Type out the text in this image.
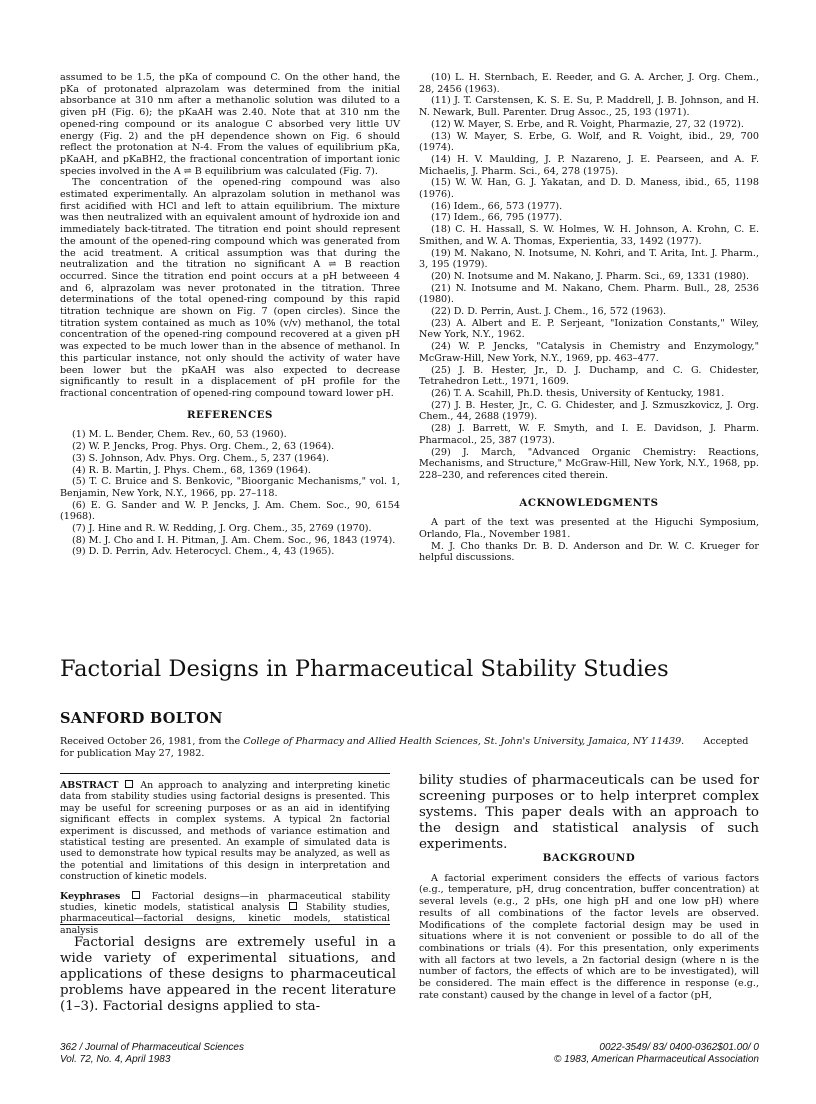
assumed to be 1.5, the pKa of compound C. On the other hand, the pKa of protonated alprazolam was determined from the initial absorbance at 310 nm after a methanolic solution was diluted to a given pH (Fig. 6); the pKaAH was 2.40. Note that at 310 nm the opened-ring compound or its analogue C absorbed very little UV energy (Fig. 2) and the pH dependence shown on Fig. 6 should reflect the protonation at N-4. From the values of equilibrium pKa, pKaAH, and pKaBH2, the fractional concentration of important ionic species involved in the A ⇌ B equilibrium was calculated (Fig. 7).

The concentration of the opened-ring compound was also estimated experimentally. An alprazolam solution in methanol was first acidified with HCl and left to attain equilibrium. The mixture was then neutralized with an equivalent amount of hydroxide ion and immediately back-titrated. The titration end point should represent the amount of the opened-ring compound which was generated from the acid treatment. A critical assumption was that during the neutralization and the titration no significant A ⇌ B reaction occurred. Since the titration end point occurs at a pH betweeen 4 and 6, alprazolam was never protonated in the titration. Three determinations of the total opened-ring compound by this rapid titration technique are shown on Fig. 7 (open circles). Since the titration system contained as much as 10% (v/v) methanol, the total concentration of the opened-ring compound recovered at a given pH was expected to be much lower than in the absence of methanol. In this particular instance, not only should the activity of water have been lower but the pKaAH was also expected to decrease significantly to result in a displacement of pH profile for the fractional concentration of opened-ring compound toward lower pH.

REFERENCES

(1) M. L. Bender, Chem. Rev., 60, 53 (1960).

(2) W. P. Jencks, Prog. Phys. Org. Chem., 2, 63 (1964).

(3) S. Johnson, Adv. Phys. Org. Chem., 5, 237 (1964).

(4) R. B. Martin, J. Phys. Chem., 68, 1369 (1964).

(5) T. C. Bruice and S. Benkovic, "Bioorganic Mechanisms," vol. 1, Benjamin, New York, N.Y., 1966, pp. 27–118.

(6) E. G. Sander and W. P. Jencks, J. Am. Chem. Soc., 90, 6154 (1968).

(7) J. Hine and R. W. Redding, J. Org. Chem., 35, 2769 (1970).

(8) M. J. Cho and I. H. Pitman, J. Am. Chem. Soc., 96, 1843 (1974).

(9) D. D. Perrin, Adv. Heterocycl. Chem., 4, 43 (1965).

(10) L. H. Sternbach, E. Reeder, and G. A. Archer, J. Org. Chem., 28, 2456 (1963).

(11) J. T. Carstensen, K. S. E. Su, P. Maddrell, J. B. Johnson, and H. N. Newark, Bull. Parenter. Drug Assoc., 25, 193 (1971).

(12) W. Mayer, S. Erbe, and R. Voight, Pharmazie, 27, 32 (1972).

(13) W. Mayer, S. Erbe, G. Wolf, and R. Voight, ibid., 29, 700 (1974).

(14) H. V. Maulding, J. P. Nazareno, J. E. Pearseen, and A. F. Michaelis, J. Pharm. Sci., 64, 278 (1975).

(15) W. W. Han, G. J. Yakatan, and D. D. Maness, ibid., 65, 1198 (1976).

(16) Idem., 66, 573 (1977).

(17) Idem., 66, 795 (1977).

(18) C. H. Hassall, S. W. Holmes, W. H. Johnson, A. Krohn, C. E. Smithen, and W. A. Thomas, Experientia, 33, 1492 (1977).

(19) M. Nakano, N. Inotsume, N. Kohri, and T. Arita, Int. J. Pharm., 3, 195 (1979).

(20) N. Inotsume and M. Nakano, J. Pharm. Sci., 69, 1331 (1980).

(21) N. Inotsume and M. Nakano, Chem. Pharm. Bull., 28, 2536 (1980).

(22) D. D. Perrin, Aust. J. Chem., 16, 572 (1963).

(23) A. Albert and E. P. Serjeant, "Ionization Constants," Wiley, New York, N.Y., 1962.

(24) W. P. Jencks, "Catalysis in Chemistry and Enzymology," McGraw-Hill, New York, N.Y., 1969, pp. 463–477.

(25) J. B. Hester, Jr., D. J. Duchamp, and C. G. Chidester, Tetrahedron Lett., 1971, 1609.

(26) T. A. Scahill, Ph.D. thesis, University of Kentucky, 1981.

(27) J. B. Hester, Jr., C. G. Chidester, and J. Szmuszkovicz, J. Org. Chem., 44, 2688 (1979).

(28) J. Barrett, W. F. Smyth, and I. E. Davidson, J. Pharm. Pharmacol., 25, 387 (1973).

(29) J. March, "Advanced Organic Chemistry: Reactions, Mechanisms, and Structure," McGraw-Hill, New York, N.Y., 1968, pp. 228–230, and references cited therein.

ACKNOWLEDGMENTS

A part of the text was presented at the Higuchi Symposium, Orlando, Fla., November 1981.

M. J. Cho thanks Dr. B. D. Anderson and Dr. W. C. Krueger for helpful discussions.

Factorial Designs in Pharmaceutical Stability Studies
SANFORD BOLTON
Received October 26, 1981, from the College of Pharmacy and Allied Health Sciences, St. John's University, Jamaica, NY 11439. Accepted for publication May 27, 1982.
ABSTRACT An approach to analyzing and interpreting kinetic data from stability studies using factorial designs is presented. This may be useful for screening purposes or as an aid in identifying significant effects in complex systems. A typical 2n factorial experiment is discussed, and methods of variance estimation and statistical testing are presented. An example of simulated data is used to demonstrate how typical results may be analyzed, as well as the potential and limitations of this design in interpretation and construction of kinetic models.
Keyphrases	Factorial designs—in pharmaceutical stability studies, kinetic models, statistical analysis	Stability studies, pharmaceutical—factorial designs, kinetic models, statistical analysis
Factorial designs are extremely useful in a wide variety of experimental situations, and applications of these designs to pharmaceutical problems have appeared in the recent literature (1–3). Factorial designs applied to sta-
bility studies of pharmaceuticals can be used for screening purposes or to help interpret complex systems. This paper deals with an approach to the design and statistical analysis of such experiments.
BACKGROUND

A factorial experiment considers the effects of various factors (e.g., temperature, pH, drug concentration, buffer concentration) at several levels (e.g., 2 pHs, one high pH and one low pH) where results of all combinations of the factor levels are observed. Modifications of the complete factorial design may be used in situations where it is not convenient or possible to do all of the combinations or trials (4). For this presentation, only experiments with all factors at two levels, a 2n factorial design (where n is the number of factors, the effects of which are to be investigated), will be considered. The main effect is the difference in response (e.g., rate constant) caused by the change in level of a factor (pH,

362 / Journal of Pharmaceutical Sciences
Vol. 72, No. 4, April 1983
0022-3549/ 83/ 0400-0362$01.00/ 0
© 1983, American Pharmaceutical Association
